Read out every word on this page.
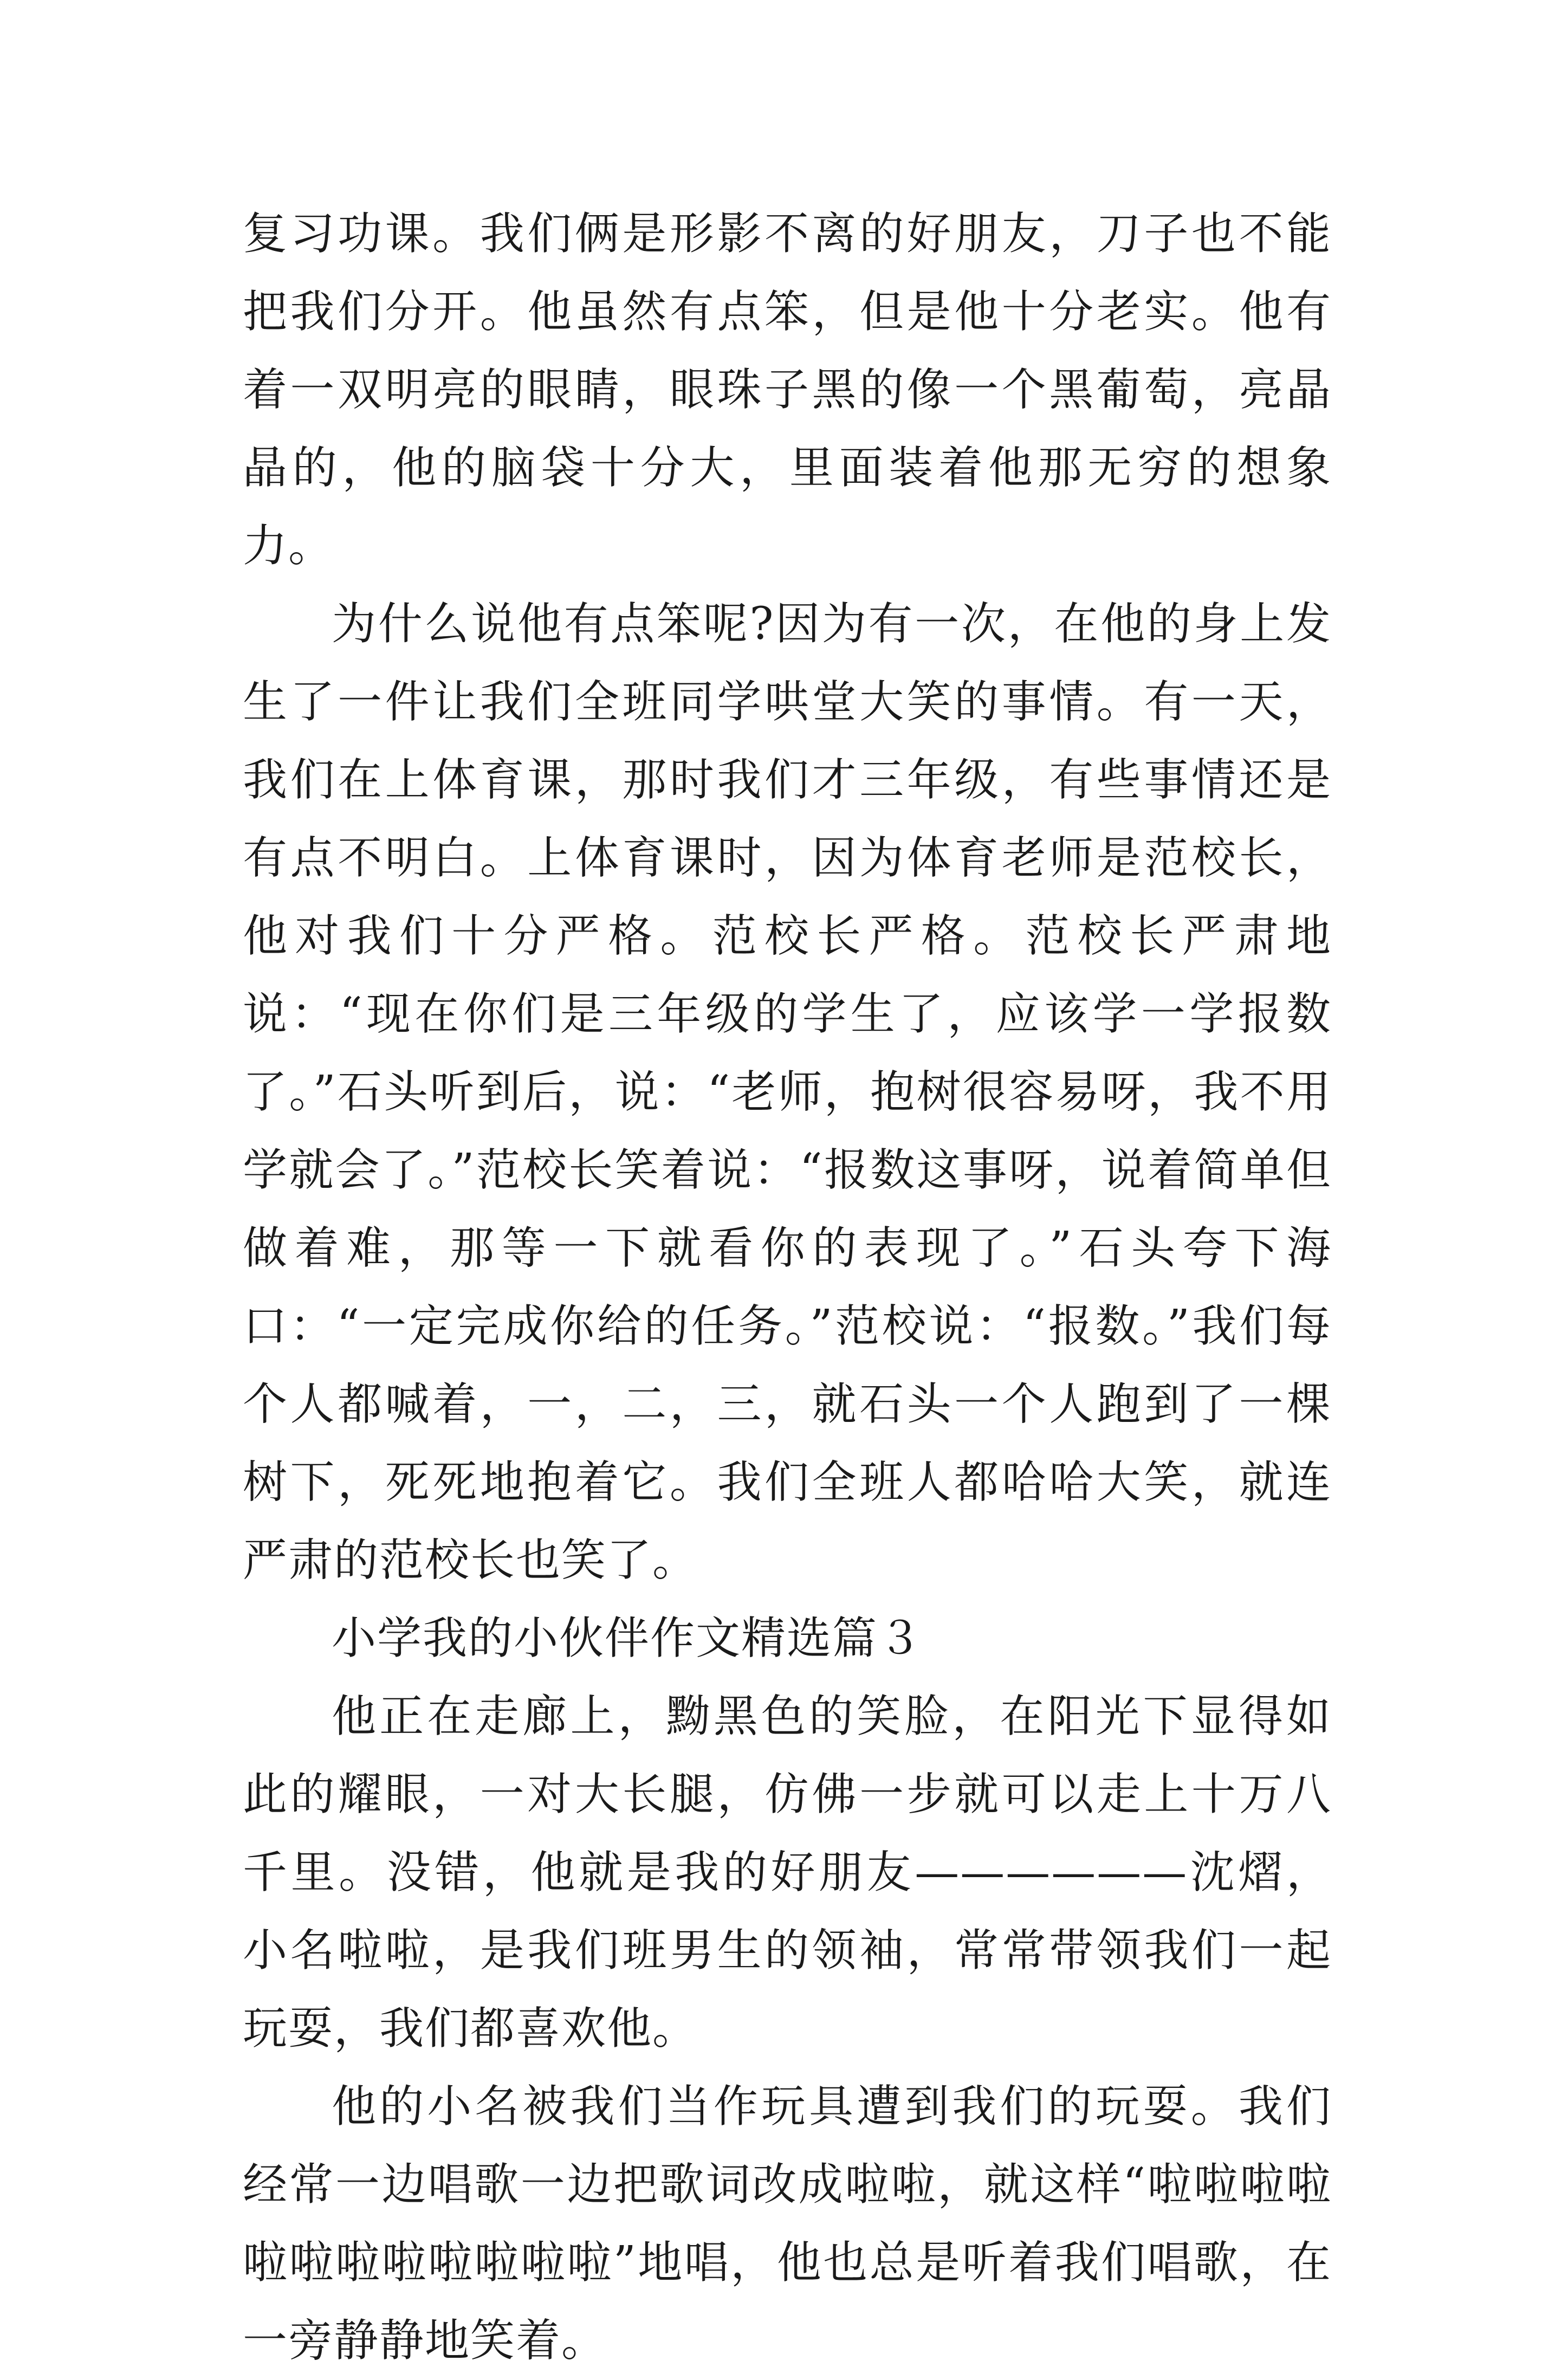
复习功课。我们俩是形影不离的好朋友，刀子也不能把我们分开。他虽然有点笨，但是他十分老实。他有着一双明亮的眼睛，眼珠子黑的像一个黑葡萄，亮晶晶的，他的脑袋十分大，里面装着他那无穷的想象力。

为什么说他有点笨呢?因为有一次，在他的身上发生了一件让我们全班同学哄堂大笑的事情。有一天，我们在上体育课，那时我们才三年级，有些事情还是有点不明白。上体育课时，因为体育老师是范校长，他对我们十分严格。范校长严格。范校长严肃地说：“现在你们是三年级的学生了，应该学一学报数了。”石头听到后，说：“老师，抱树很容易呀，我不用学就会了。”范校长笑着说：“报数这事呀，说着简单但做着难，那等一下就看你的表现了。”石头夸下海口：“一定完成你给的任务。”范校说：“报数。”我们每个人都喊着，一，二，三，就石头一个人跑到了一棵树下，死死地抱着它。我们全班人都哈哈大笑，就连严肃的范校长也笑了。

小学我的小伙伴作文精选篇３

他正在走廊上，黝黑色的笑脸，在阳光下显得如此的耀眼，一对大长腿，仿佛一步就可以走上十万八千里。没错，他就是我的好朋友——————沈熠，小名啦啦，是我们班男生的领袖，常常带领我们一起玩耍，我们都喜欢他。

他的小名被我们当作玩具遭到我们的玩耍。我们经常一边唱歌一边把歌词改成啦啦，就这样“啦啦啦啦啦啦啦啦啦啦啦啦”地唱，他也总是听着我们唱歌，在一旁静静地笑着。
